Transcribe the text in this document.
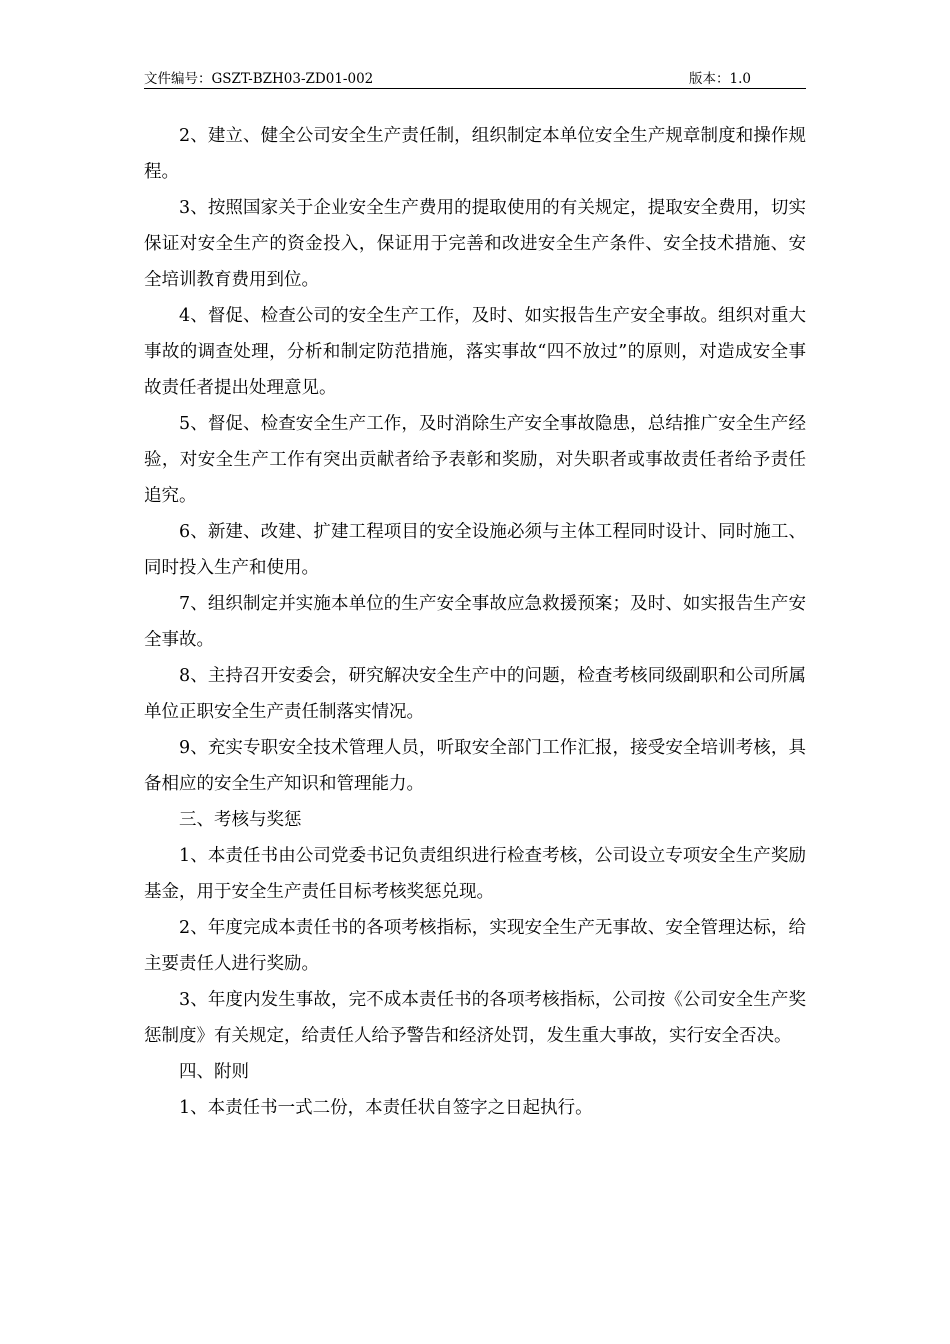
文件编号：GSZT-BZH03-ZD01-002	版本：1.0

2、建立、健全公司安全生产责任制，组织制定本单位安全生产规章制度和操作规程。

3、按照国家关于企业安全生产费用的提取使用的有关规定，提取安全费用，切实保证对安全生产的资金投入，保证用于完善和改进安全生产条件、安全技术措施、安全培训教育费用到位。

4、督促、检查公司的安全生产工作，及时、如实报告生产安全事故。组织对重大事故的调查处理，分析和制定防范措施，落实事故“四不放过”的原则，对造成安全事故责任者提出处理意见。

5、督促、检查安全生产工作，及时消除生产安全事故隐患，总结推广安全生产经验，对安全生产工作有突出贡献者给予表彰和奖励，对失职者或事故责任者给予责任追究。

6、新建、改建、扩建工程项目的安全设施必须与主体工程同时设计、同时施工、同时投入生产和使用。

7、组织制定并实施本单位的生产安全事故应急救援预案；及时、如实报告生产安全事故。

8、主持召开安委会，研究解决安全生产中的问题，检查考核同级副职和公司所属单位正职安全生产责任制落实情况。

9、充实专职安全技术管理人员，听取安全部门工作汇报，接受安全培训考核，具备相应的安全生产知识和管理能力。

三、考核与奖惩

1、本责任书由公司党委书记负责组织进行检查考核，公司设立专项安全生产奖励基金，用于安全生产责任目标考核奖惩兑现。

2、年度完成本责任书的各项考核指标，实现安全生产无事故、安全管理达标，给主要责任人进行奖励。

3、年度内发生事故，完不成本责任书的各项考核指标，公司按《公司安全生产奖惩制度》有关规定，给责任人给予警告和经济处罚，发生重大事故，实行安全否决。

四、附则

1、本责任书一式二份，本责任状自签字之日起执行。
